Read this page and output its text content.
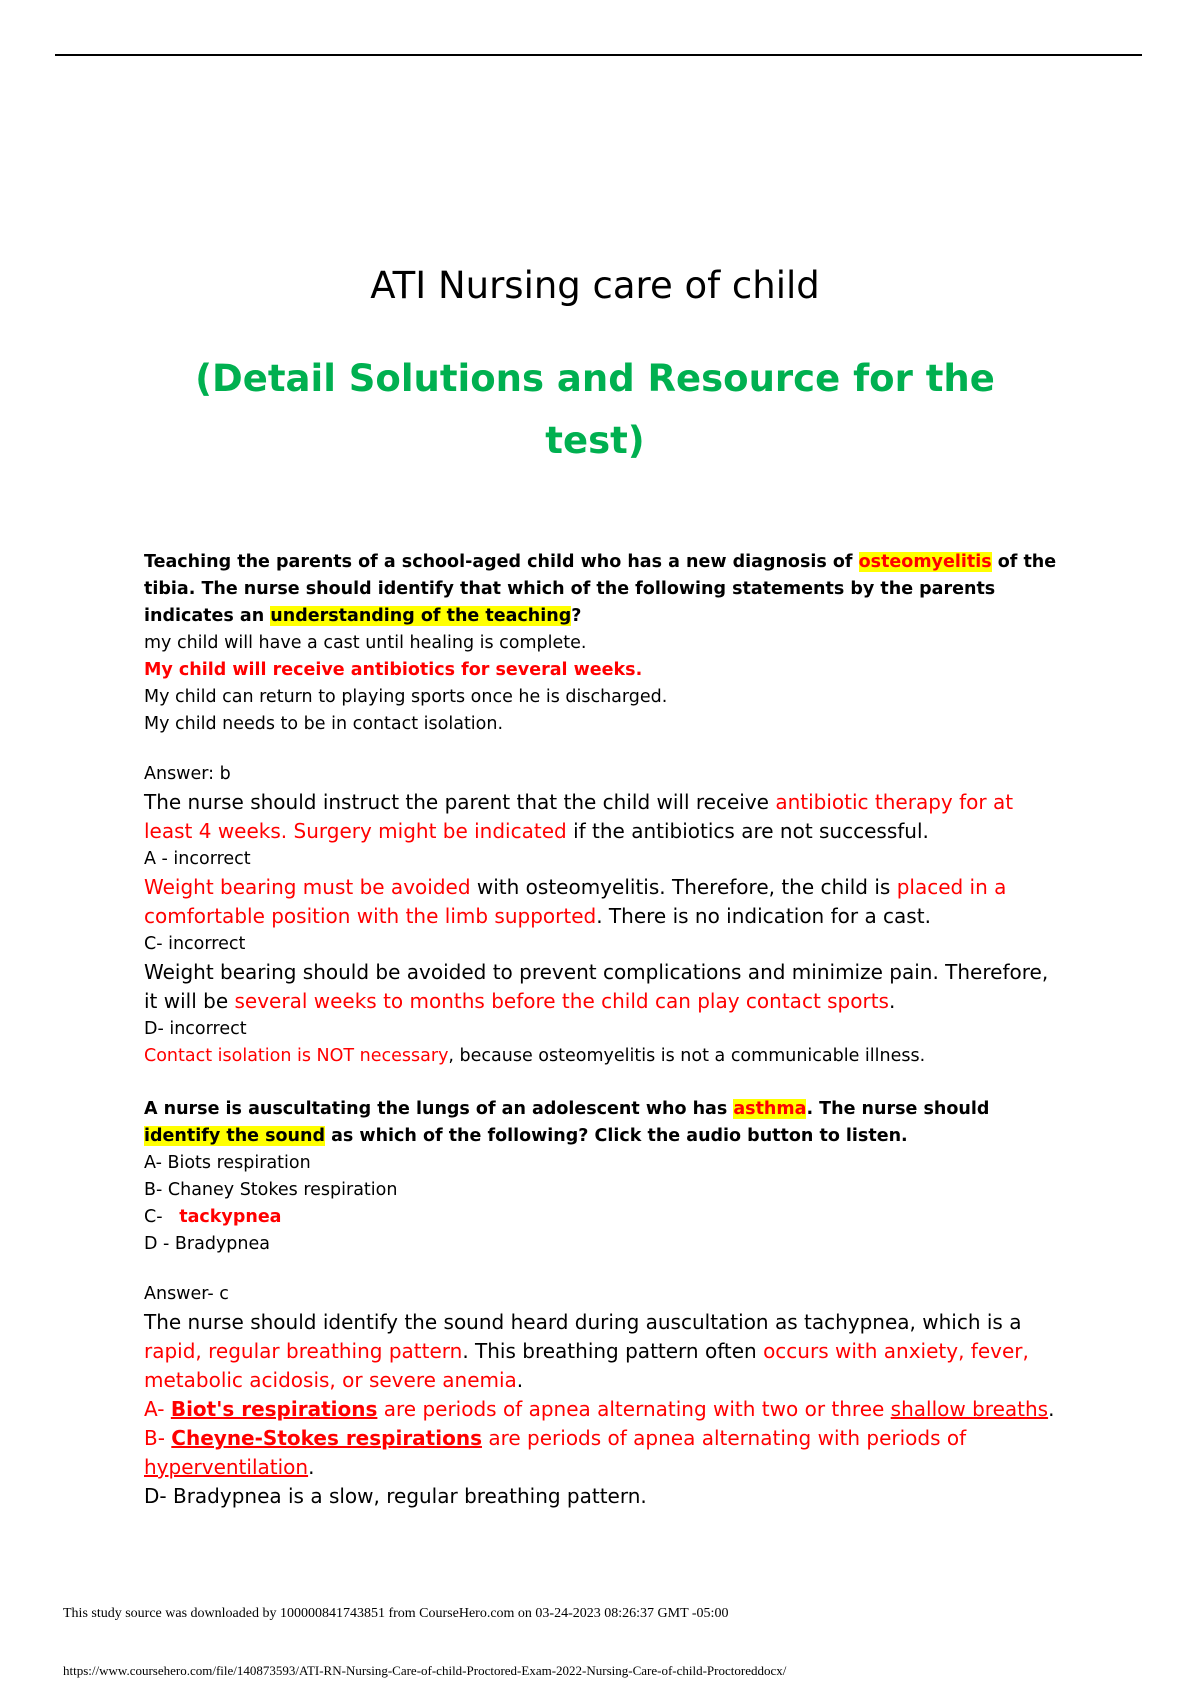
ATI Nursing care of child
(Detail Solutions and Resource for the test)
Teaching the parents of a school-aged child who has a new diagnosis of osteomyelitis of the tibia. The nurse should identify that which of the following statements by the parents indicates an understanding of the teaching?
my child will have a cast until healing is complete.
My child will receive antibiotics for several weeks.
My child can return to playing sports once he is discharged.
My child needs to be in contact isolation.
Answer: b
The nurse should instruct the parent that the child will receive antibiotic therapy for at least 4 weeks. Surgery might be indicated if the antibiotics are not successful.
A - incorrect
Weight bearing must be avoided with osteomyelitis. Therefore, the child is placed in a comfortable position with the limb supported. There is no indication for a cast.
C- incorrect
Weight bearing should be avoided to prevent complications and minimize pain. Therefore, it will be several weeks to months before the child can play contact sports.
D- incorrect
Contact isolation is NOT necessary, because osteomyelitis is not a communicable illness.
A nurse is auscultating the lungs of an adolescent who has asthma. The nurse should identify the sound as which of the following? Click the audio button to listen.
A- Biots respiration
B- Chaney Stokes respiration
C-   tackypnea
D - Bradypnea
Answer- c
The nurse should identify the sound heard during auscultation as tachypnea, which is a rapid, regular breathing pattern. This breathing pattern often occurs with anxiety, fever, metabolic acidosis, or severe anemia.
A- Biot's respirations are periods of apnea alternating with two or three shallow breaths.
B- Cheyne-Stokes respirations are periods of apnea alternating with periods of hyperventilation.
D- Bradypnea is a slow, regular breathing pattern.
This study source was downloaded by 100000841743851 from CourseHero.com on 03-24-2023 08:26:37 GMT -05:00
https://www.coursehero.com/file/140873593/ATI-RN-Nursing-Care-of-child-Proctored-Exam-2022-Nursing-Care-of-child-Proctoreddocx/
